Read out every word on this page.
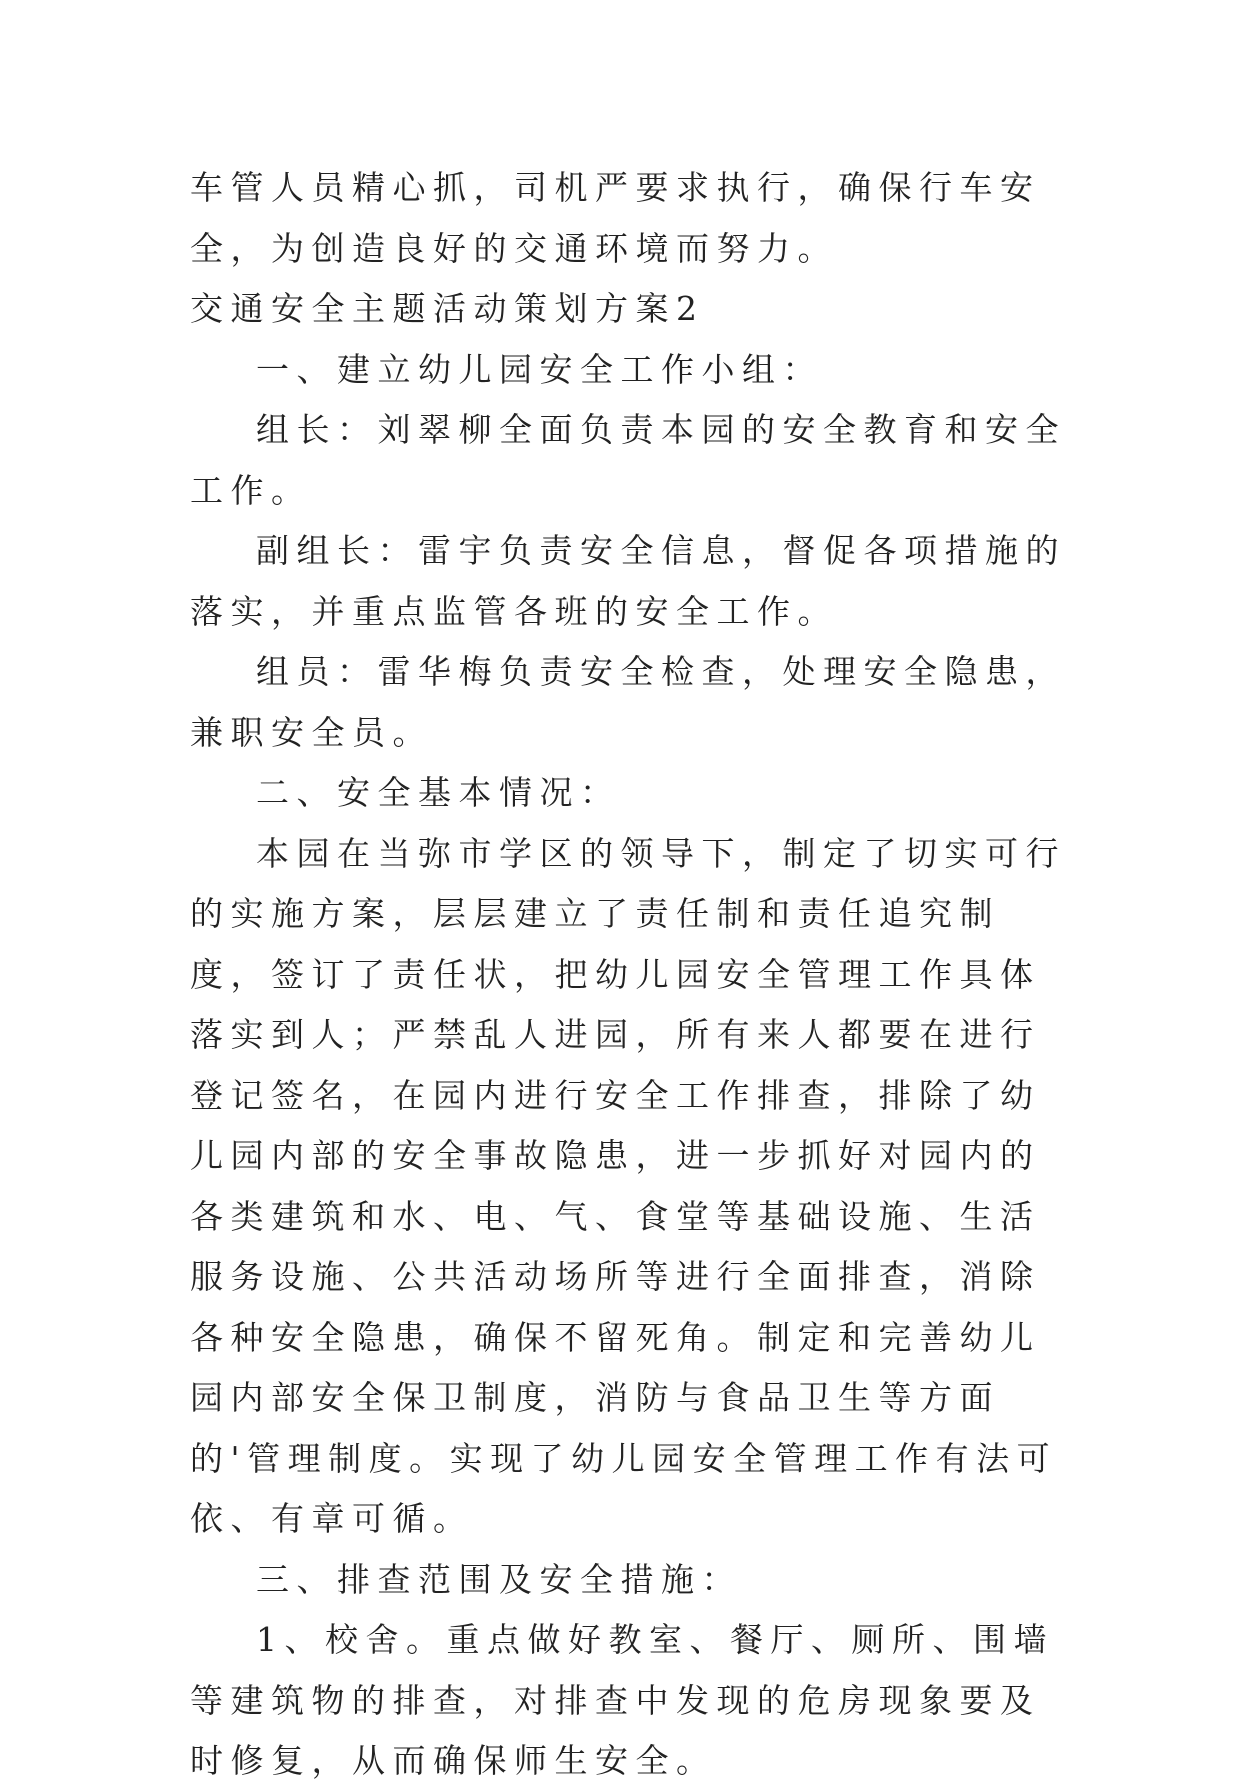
车管人员精心抓，司机严要求执行，确保行车安全，为创造良好的交通环境而努力。

交通安全主题活动策划方案2

一、建立幼儿园安全工作小组：

组长：刘翠柳全面负责本园的安全教育和安全工作。

副组长：雷宇负责安全信息，督促各项措施的落实，并重点监管各班的安全工作。

组员：雷华梅负责安全检查，处理安全隐患，兼职安全员。

二、安全基本情况：

本园在当弥市学区的领导下，制定了切实可行的实施方案，层层建立了责任制和责任追究制度，签订了责任状，把幼儿园安全管理工作具体落实到人；严禁乱人进园，所有来人都要在进行登记签名，在园内进行安全工作排查，排除了幼儿园内部的安全事故隐患，进一步抓好对园内的各类建筑和水、电、气、食堂等基础设施、生活服务设施、公共活动场所等进行全面排查，消除各种安全隐患，确保不留死角。制定和完善幼儿园内部安全保卫制度，消防与食品卫生等方面的'管理制度。实现了幼儿园安全管理工作有法可依、有章可循。

三、排查范围及安全措施：

1、校舍。重点做好教室、餐厅、厕所、围墙等建筑物的排查，对排查中发现的危房现象要及时修复，从而确保师生安全。
